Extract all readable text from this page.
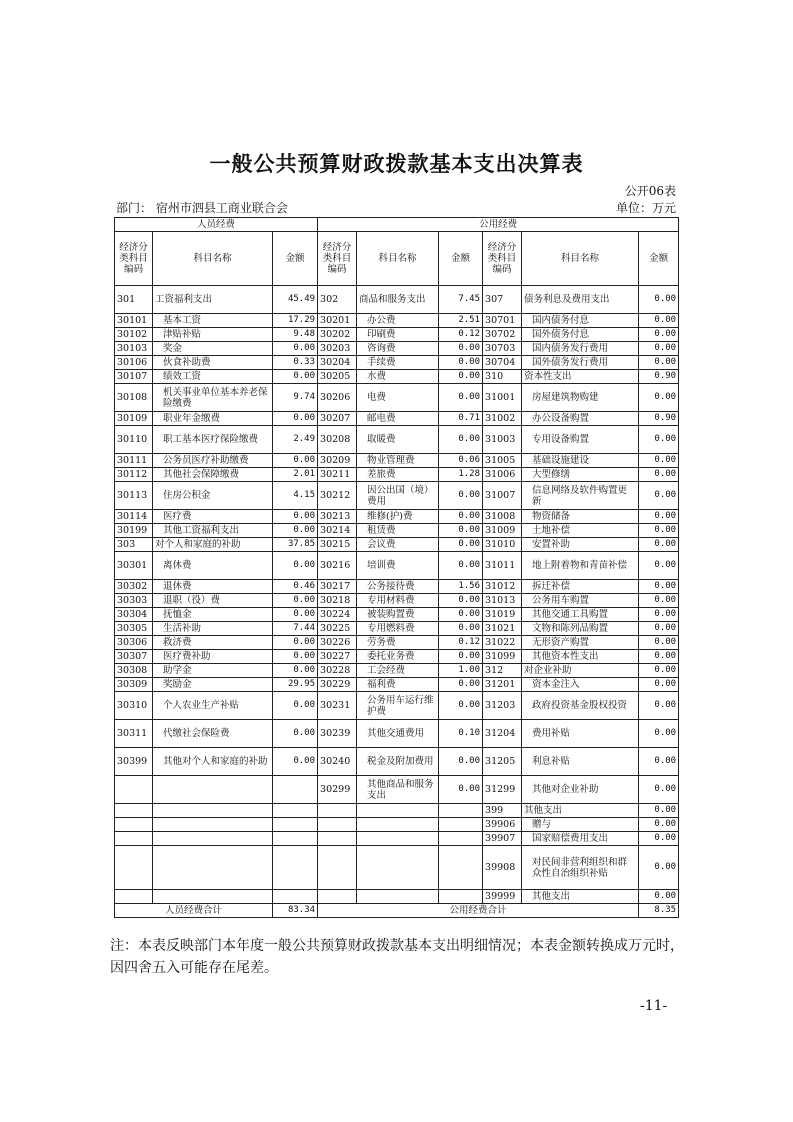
一般公共预算财政拨款基本支出决算表
公开06表
部门： 宿州市泗县工商业联合会	单位：万元
人员经费			公用经费					
经济分类科目编码	科目名称	金额	经济分类科目编码	科目名称	金额	经济分类科目编码	科目名称	金额
301	工资福利支出	45.49	302	商品和服务支出	7.45	307	债务利息及费用支出	0.00
30101	基本工资	17.29	30201	办公费	2.51	30701	国内债务付息	0.00
30102	津贴补贴	9.48	30202	印刷费	0.12	30702	国外债务付息	0.00
30103	奖金	0.00	30203	咨询费	0.00	30703	国内债务发行费用	0.00
30106	伙食补助费	0.33	30204	手续费	0.00	30704	国外债务发行费用	0.00
30107	绩效工资	0.00	30205	水费	0.00	310	资本性支出	0.90
30108	机关事业单位基本养老保险缴费	9.74	30206	电费	0.00	31001	房屋建筑物购建	0.00
30109	职业年金缴费	0.00	30207	邮电费	0.71	31002	办公设备购置	0.90
30110	职工基本医疗保险缴费	2.49	30208	取暖费	0.00	31003	专用设备购置	0.00
30111	公务员医疗补助缴费	0.00	30209	物业管理费	0.06	31005	基础设施建设	0.00
30112	其他社会保障缴费	2.01	30211	差旅费	1.28	31006	大型修缮	0.00
30113	住房公积金	4.15	30212	因公出国（境）费用	0.00	31007	信息网络及软件购置更新	0.00
30114	医疗费	0.00	30213	维修(护)费	0.00	31008	物资储备	0.00
30199	其他工资福利支出	0.00	30214	租赁费	0.00	31009	土地补偿	0.00
303	对个人和家庭的补助	37.85	30215	会议费	0.00	31010	安置补助	0.00
30301	离休费	0.00	30216	培训费	0.00	31011	地上附着物和青苗补偿	0.00
30302	退休费	0.46	30217	公务接待费	1.56	31012	拆迁补偿	0.00
30303	退职（役）费	0.00	30218	专用材料费	0.00	31013	公务用车购置	0.00
30304	抚恤金	0.00	30224	被装购置费	0.00	31019	其他交通工具购置	0.00
30305	生活补助	7.44	30225	专用燃料费	0.00	31021	文物和陈列品购置	0.00
30306	救济费	0.00	30226	劳务费	0.12	31022	无形资产购置	0.00
30307	医疗费补助	0.00	30227	委托业务费	0.00	31099	其他资本性支出	0.00
30308	助学金	0.00	30228	工会经费	1.00	312	对企业补助	0.00
30309	奖励金	29.95	30229	福利费	0.00	31201	资本金注入	0.00
30310	个人农业生产补贴	0.00	30231	公务用车运行维护费	0.00	31203	政府投资基金股权投资	0.00
30311	代缴社会保险费	0.00	30239	其他交通费用	0.10	31204	费用补贴	0.00
30399	其他对个人和家庭的补助	0.00	30240	税金及附加费用	0.00	31205	利息补贴	0.00
			30299	其他商品和服务支出	0.00	31299	其他对企业补助	0.00
						399	其他支出	0.00
						39906	赠与	0.00
						39907	国家赔偿费用支出	0.00
						39908	对民间非营利组织和群众性自治组织补贴	0.00
						39999	其他支出	0.00
人员经费合计		83.34	公用经费合计					8.35
注：本表反映部门本年度一般公共预算财政拨款基本支出明细情况；本表金额转换成万元时，因四舍五入可能存在尾差。
-11-
